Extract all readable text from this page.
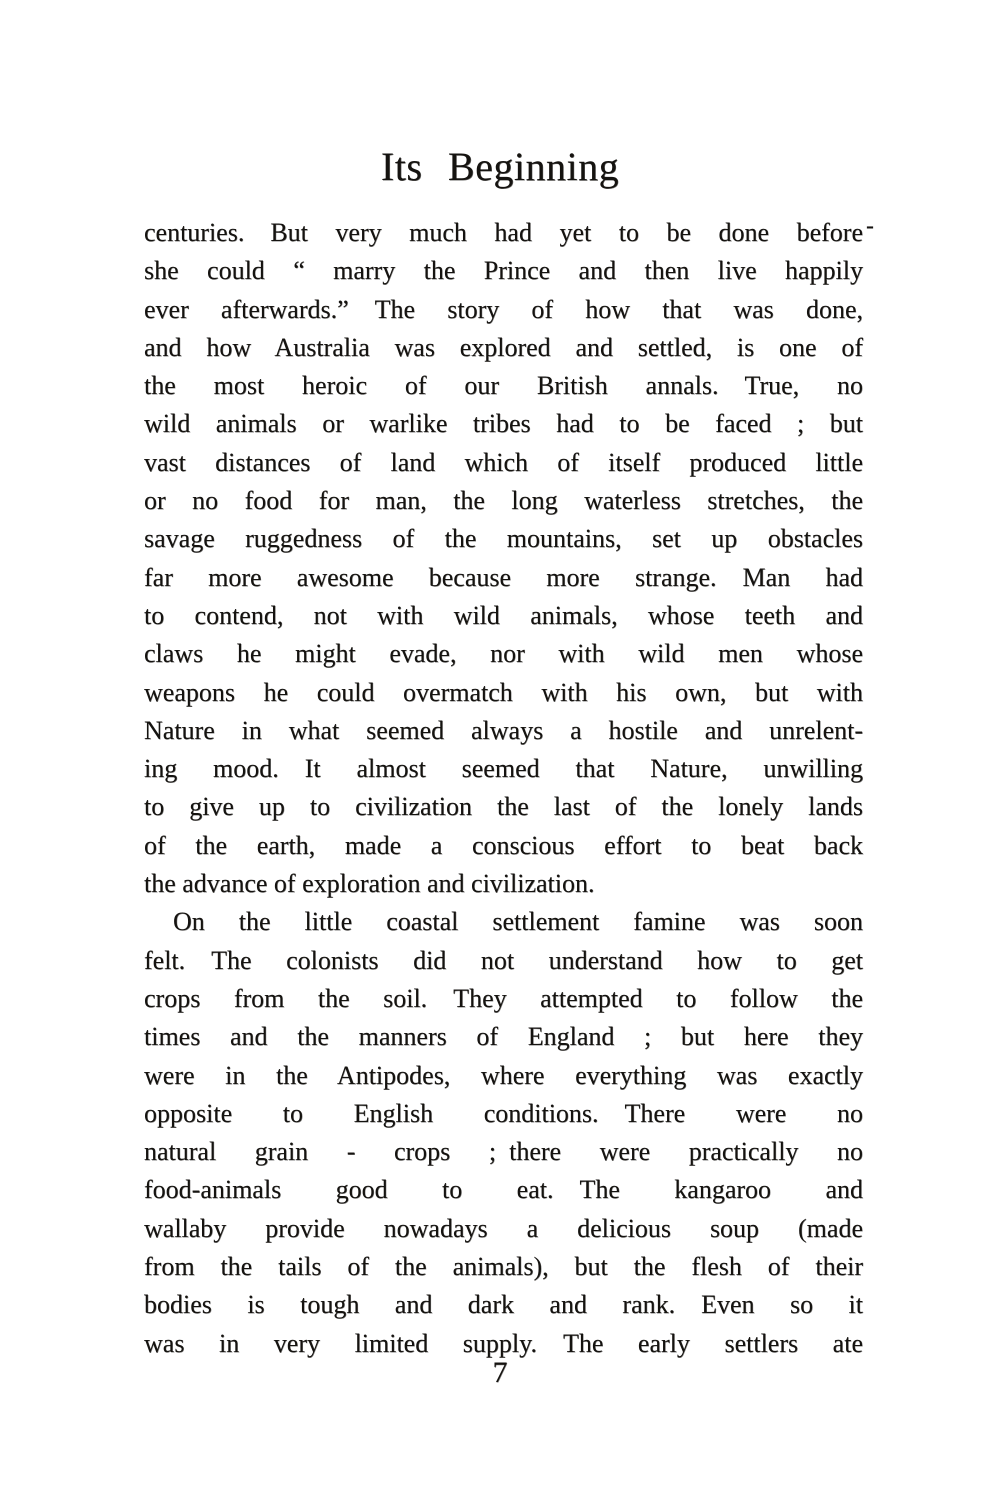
Its Beginning
-
centuries. But very much had yet to be done before
she could “ marry the Prince and then live happily
ever afterwards.” The story of how that was done,
and how Australia was explored and settled, is one of
the most heroic of our British annals. True, no
wild animals or warlike tribes had to be faced ; but
vast distances of land which of itself produced little
or no food for man, the long waterless stretches, the
savage ruggedness of the mountains, set up obstacles
far more awesome because more strange. Man had
to contend, not with wild animals, whose teeth and
claws he might evade, nor with wild men whose
weapons he could overmatch with his own, but with
Nature in what seemed always a hostile and unrelent-
ing mood. It almost seemed that Nature, unwilling
to give up to civilization the last of the lonely lands
of the earth, made a conscious effort to beat back
the advance of exploration and civilization.
On the little coastal settlement famine was soon
felt. The colonists did not understand how to get
crops from the soil. They attempted to follow the
times and the manners of England ; but here they
were in the Antipodes, where everything was exactly
opposite to English conditions. There were no
natural grain - crops ; there were practically no
food-animals good to eat. The kangaroo and
wallaby provide nowadays a delicious soup (made
from the tails of the animals), but the flesh of their
bodies is tough and dark and rank. Even so it
was in very limited supply. The early settlers ate
7
